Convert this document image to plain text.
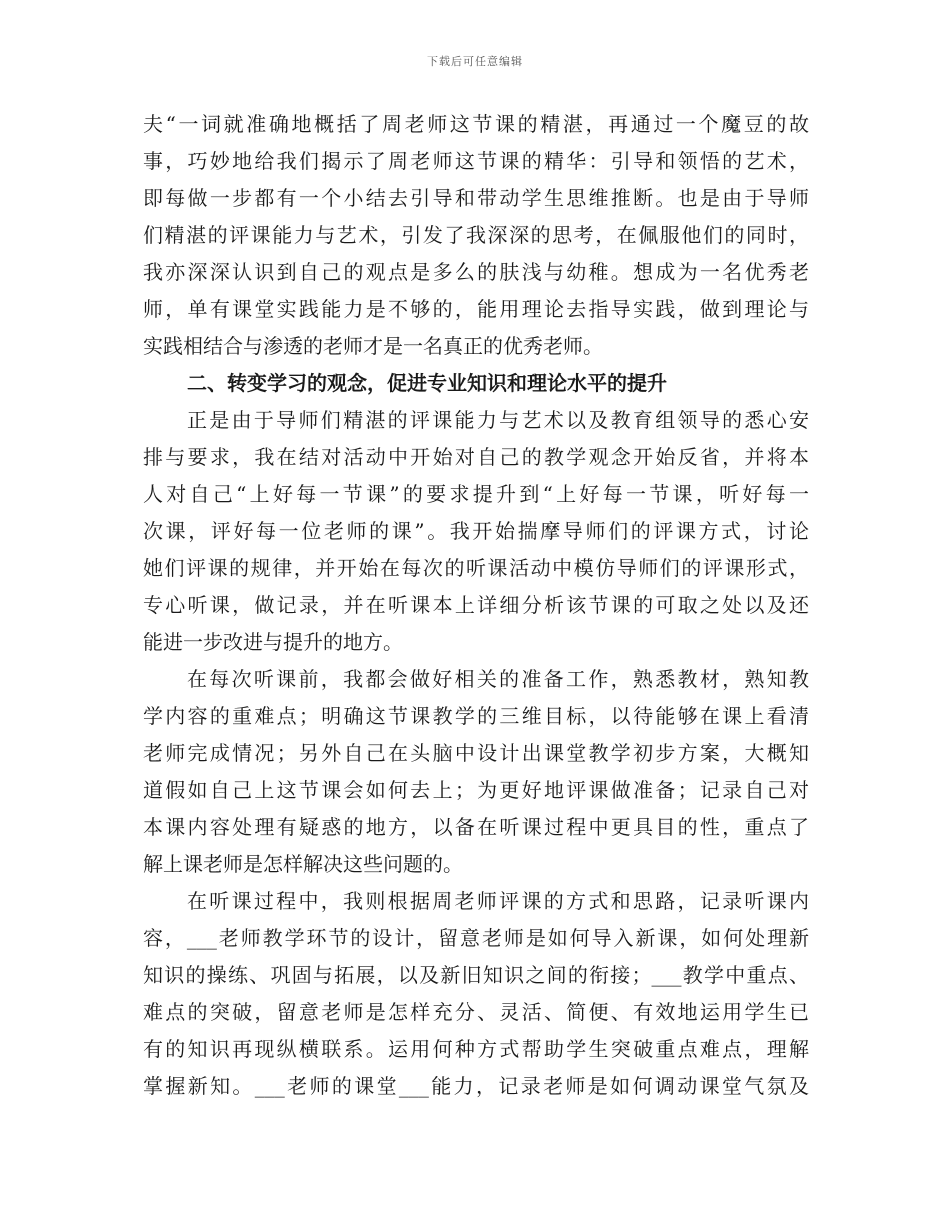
下载后可任意编辑
夫“一词就准确地概括了周老师这节课的精湛，再通过一个魔豆的故
事，巧妙地给我们揭示了周老师这节课的精华：引导和领悟的艺术，
即每做一步都有一个小结去引导和带动学生思维推断。也是由于导师
们精湛的评课能力与艺术，引发了我深深的思考，在佩服他们的同时，
我亦深深认识到自己的观点是多么的肤浅与幼稚。想成为一名优秀老
师，单有课堂实践能力是不够的，能用理论去指导实践，做到理论与
实践相结合与渗透的老师才是一名真正的优秀老师。
二、转变学习的观念，促进专业知识和理论水平的提升
正是由于导师们精湛的评课能力与艺术以及教育组领导的悉心安
排与要求，我在结对活动中开始对自己的教学观念开始反省，并将本
人对自己“上好每一节课”的要求提升到“上好每一节课，听好每一
次课，评好每一位老师的课”。我开始揣摩导师们的评课方式，讨论
她们评课的规律，并开始在每次的听课活动中模仿导师们的评课形式，
专心听课，做记录，并在听课本上详细分析该节课的可取之处以及还
能进一步改进与提升的地方。
在每次听课前，我都会做好相关的准备工作，熟悉教材，熟知教
学内容的重难点；明确这节课教学的三维目标，以待能够在课上看清
老师完成情况；另外自己在头脑中设计出课堂教学初步方案，大概知
道假如自己上这节课会如何去上；为更好地评课做准备；记录自己对
本课内容处理有疑惑的地方，以备在听课过程中更具目的性，重点了
解上课老师是怎样解决这些问题的。
在听课过程中，我则根据周老师评课的方式和思路，记录听课内
容，___老师教学环节的设计，留意老师是如何导入新课，如何处理新
知识的操练、巩固与拓展，以及新旧知识之间的衔接；___教学中重点、
难点的突破，留意老师是怎样充分、灵活、简便、有效地运用学生已
有的知识再现纵横联系。运用何种方式帮助学生突破重点难点，理解
掌握新知。___老师的课堂___能力，记录老师是如何调动课堂气氛及
